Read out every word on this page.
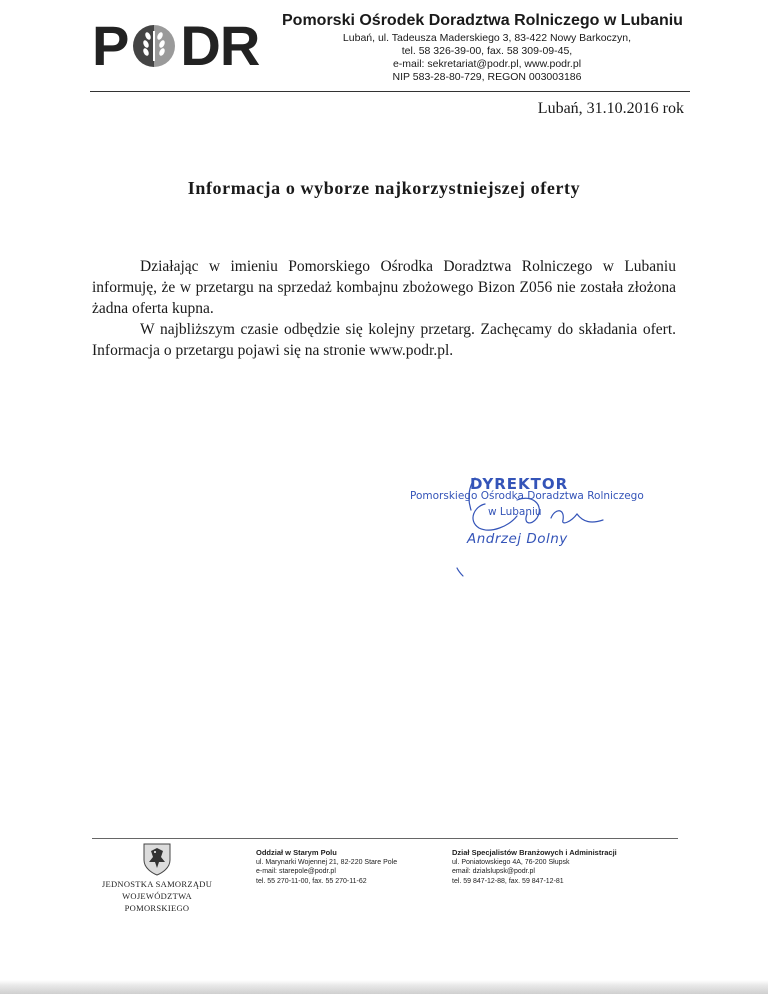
P D R Pomorski Ośrodek Doradztwa Rolniczego w Lubaniu
Lubań, ul. Tadeusza Maderskiego 3, 83-422 Nowy Barkoczyn,
tel. 58 326-39-00, fax. 58 309-09-45,
e-mail: sekretariat@podr.pl, www.podr.pl
NIP 583-28-80-729, REGON 003003186
Lubań, 31.10.2016 rok
Informacja o wyborze najkorzystniejszej oferty

Działając w imieniu Pomorskiego Ośrodka Doradztwa Rolniczego w Lubaniu informuję, że w przetargu na sprzedaż kombajnu zbożowego Bizon Z056 nie została złożona żadna oferta kupna.

W najbliższym czasie odbędzie się kolejny przetarg. Zachęcamy do składania ofert. Informacja o przetargu pojawi się na stronie www.podr.pl.

DYREKTOR
Pomorskiego Ośrodka Doradztwa Rolniczego
w Lubaniu
Andrzej Dolny
JEDNOSTKA SAMORZĄDU
WOJEWÓDZTWA POMORSKIEGO
Oddział w Starym Polu
ul. Marynarki Wojennej 21, 82-220 Stare Pole
e-mail: starepole@podr.pl
tel. 55 270-11-00, fax. 55 270-11-62
Dział Specjalistów Branżowych i Administracji
ul. Poniatowskiego 4A, 76-200 Słupsk
email: dzialslupsk@podr.pl
tel. 59 847-12-88, fax. 59 847-12-81
